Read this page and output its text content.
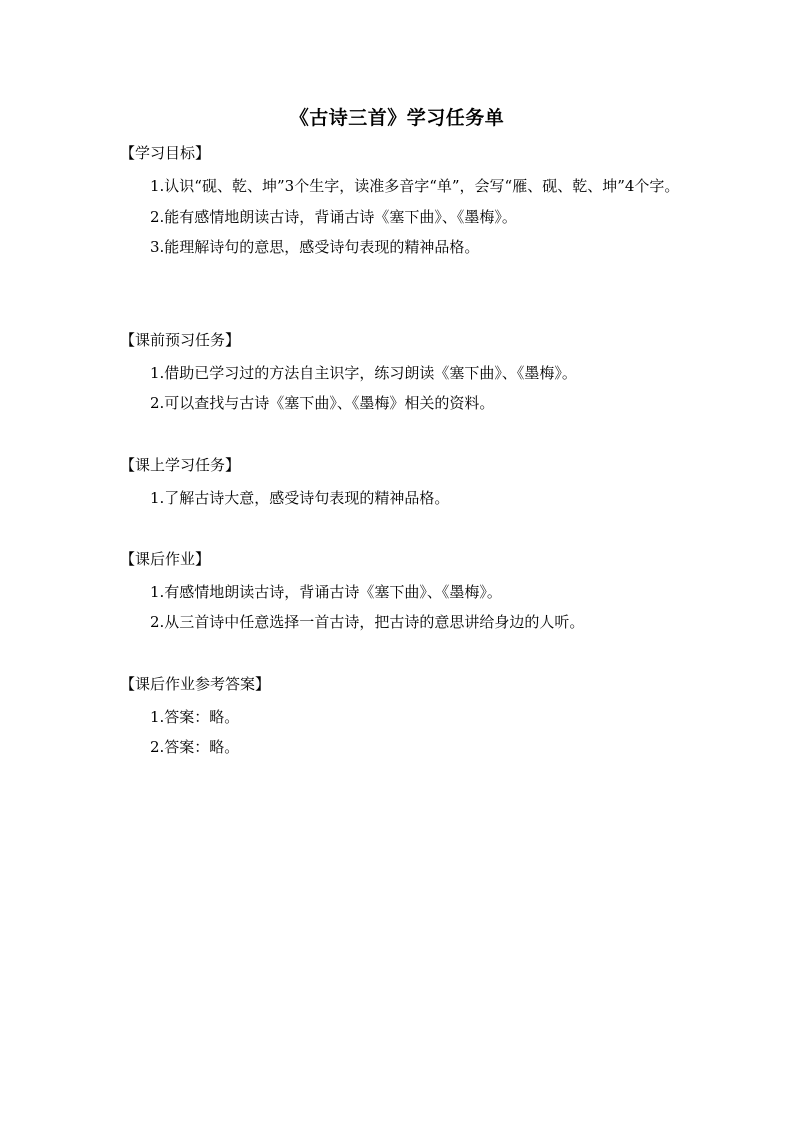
《古诗三首》学习任务单
【学习目标】

1.认识“砚、乾、坤”3个生字，读准多音字“单”，会写“雁、砚、乾、坤”4个字。

2.能有感情地朗读古诗，背诵古诗《塞下曲》、《墨梅》。

3.能理解诗句的意思，感受诗句表现的精神品格。

【课前预习任务】

1.借助已学习过的方法自主识字，练习朗读《塞下曲》、《墨梅》。

2.可以查找与古诗《塞下曲》、《墨梅》相关的资料。

【课上学习任务】

1.了解古诗大意，感受诗句表现的精神品格。

【课后作业】

1.有感情地朗读古诗，背诵古诗《塞下曲》、《墨梅》。

2.从三首诗中任意选择一首古诗，把古诗的意思讲给身边的人听。

【课后作业参考答案】

1.答案：略。

2.答案：略。
